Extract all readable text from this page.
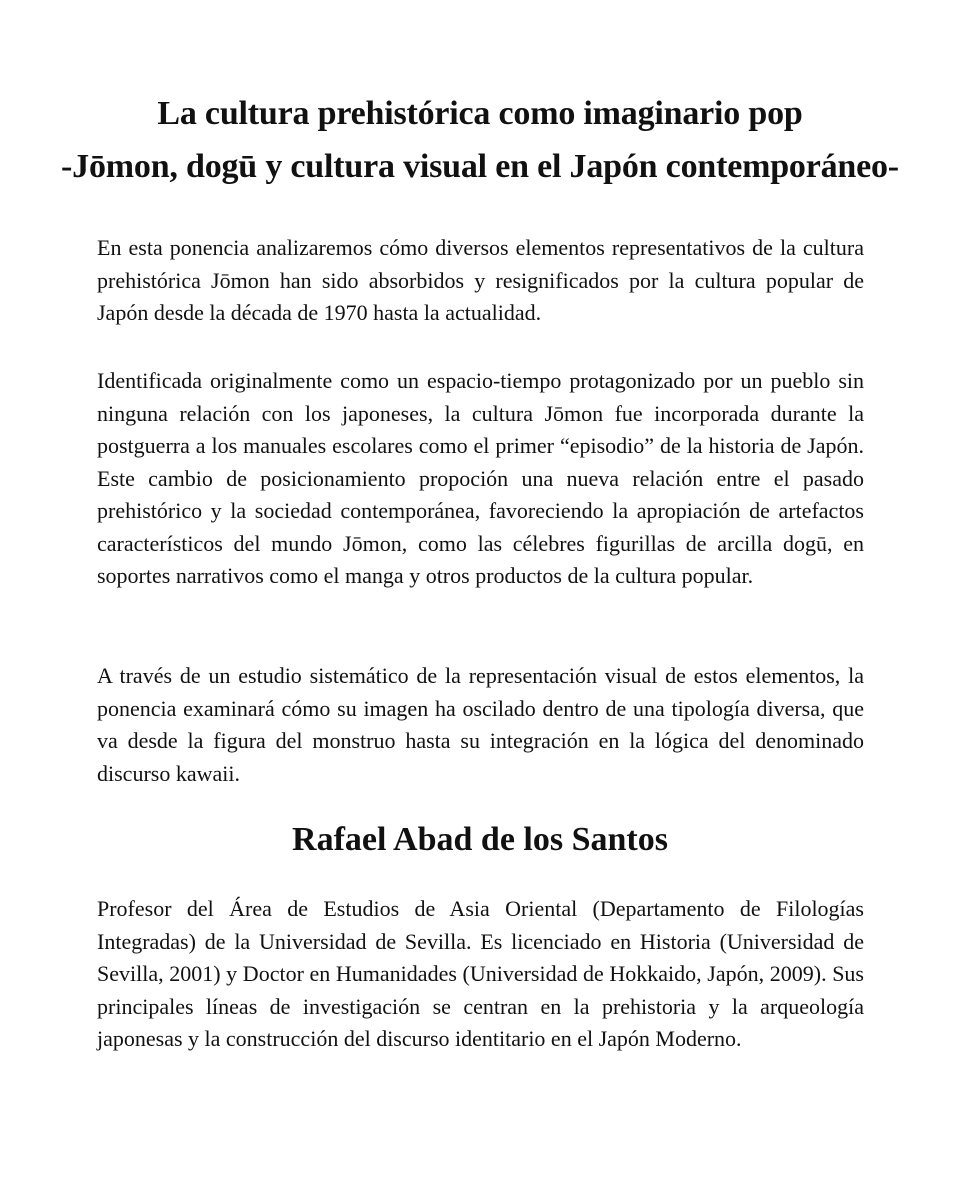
La cultura prehistórica como imaginario pop
-Jōmon, dogū y cultura visual en el Japón contemporáneo-

En esta ponencia analizaremos cómo diversos elementos representativos de la cultura prehistórica Jōmon han sido absorbidos y resignificados por la cultura popular de Japón desde la década de 1970 hasta la actualidad.

Identificada originalmente como un espacio-tiempo protagonizado por un pueblo sin ninguna relación con los japoneses, la cultura Jōmon fue incorporada durante la postguerra a los manuales escolares como el primer “episodio” de la historia de Japón. Este cambio de posicionamiento propoción una nueva relación entre el pasado prehistórico y la sociedad contemporánea, favoreciendo la apropiación de artefactos característicos del mundo Jōmon, como las célebres figurillas de arcilla dogū, en soportes narrativos como el manga y otros productos de la cultura popular.

A través de un estudio sistemático de la representación visual de estos elementos, la ponencia examinará cómo su imagen ha oscilado dentro de una tipología diversa, que va desde la figura del monstruo hasta su integración en la lógica del denominado discurso kawaii.

Rafael Abad de los Santos

Profesor del Área de Estudios de Asia Oriental (Departamento de Filologías Integradas) de la Universidad de Sevilla. Es licenciado en Historia (Universidad de Sevilla, 2001) y Doctor en Humanidades (Universidad de Hokkaido, Japón, 2009). Sus principales líneas de investigación se centran en la prehistoria y la arqueología japonesas y la construcción del discurso identitario en el Japón Moderno.
